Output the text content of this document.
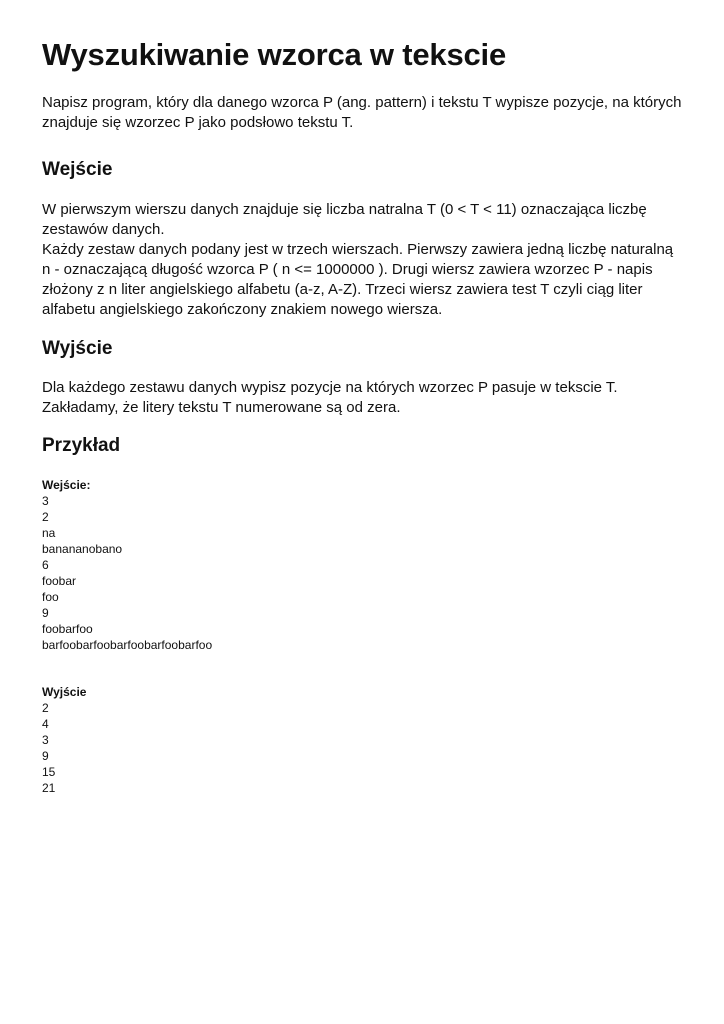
Wyszukiwanie wzorca w tekscie
Napisz program, który dla danego wzorca P (ang. pattern) i tekstu T wypisze pozycje, na których
znajduje się wzorzec P jako podsłowo tekstu T.
Wejście
W pierwszym wierszu danych znajduje się liczba natralna T (0 < T < 11) oznaczająca liczbę
zestawów danych.
Każdy zestaw danych podany jest w trzech wierszach. Pierwszy zawiera jedną liczbę naturalną
n - oznaczającą długość wzorca P ( n <= 1000000 ). Drugi wiersz zawiera wzorzec P - napis
złożony z n liter angielskiego alfabetu (a-z, A-Z). Trzeci wiersz zawiera test T czyli ciąg liter
alfabetu angielskiego zakończony znakiem nowego wiersza.
Wyjście
Dla każdego zestawu danych wypisz pozycje na których wzorzec P pasuje w tekscie T.
Zakładamy, że litery tekstu T numerowane są od zera.
Przykład
Wejście:
3
2
na
banananobano
6
foobar
foo
9
foobarfoo
barfoobarfoobarfoobarfoobarfoo
Wyjście
2
4
3
9
15
21
